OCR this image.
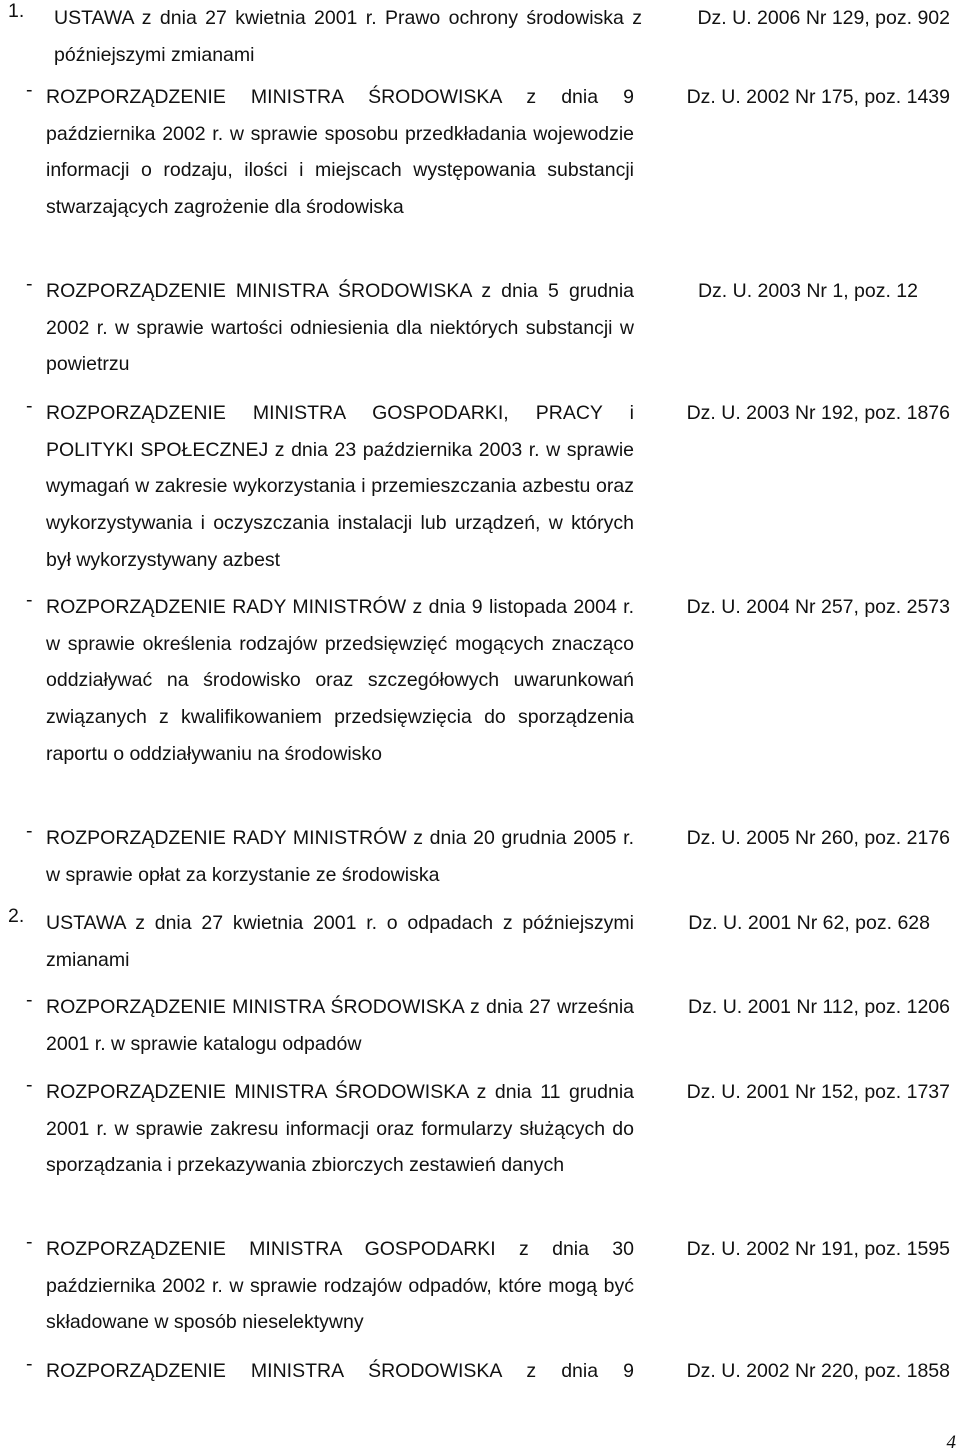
1. USTAWA z dnia 27 kwietnia 2001 r. Prawo ochrony środowiska z późniejszymi zmianami
Dz. U. 2006 Nr 129, poz. 902
- ROZPORZĄDZENIE MINISTRA ŚRODOWISKA z dnia 9 października 2002 r. w sprawie sposobu przedkładania wojewodzie informacji o rodzaju, ilości i miejscach występowania substancji stwarzających zagrożenie dla środowiska
Dz. U. 2002 Nr 175, poz. 1439
- ROZPORZĄDZENIE MINISTRA ŚRODOWISKA z dnia 5 grudnia 2002 r. w sprawie wartości odniesienia dla niektórych substancji w powietrzu
Dz. U. 2003 Nr 1, poz. 12
- ROZPORZĄDZENIE MINISTRA GOSPODARKI, PRACY i POLITYKI SPOŁECZNEJ z dnia 23 października 2003 r. w sprawie wymagań w zakresie wykorzystania i przemieszczania azbestu oraz wykorzystywania i oczyszczania instalacji lub urządzeń, w których był wykorzystywany azbest
Dz. U. 2003 Nr 192, poz. 1876
- ROZPORZĄDZENIE RADY MINISTRÓW z dnia 9 listopada 2004 r. w sprawie określenia rodzajów przedsięwzięć mogących znacząco oddziaływać na środowisko oraz szczegółowych uwarunkowań związanych z kwalifikowaniem przedsięwzięcia do sporządzenia raportu o oddziaływaniu na środowisko
Dz. U. 2004 Nr 257, poz. 2573
- ROZPORZĄDZENIE RADY MINISTRÓW z dnia 20 grudnia 2005 r. w sprawie opłat za korzystanie ze środowiska
Dz. U. 2005 Nr 260, poz. 2176
2. USTAWA z dnia 27 kwietnia 2001 r. o odpadach z późniejszymi zmianami
Dz. U. 2001 Nr 62, poz. 628
- ROZPORZĄDZENIE MINISTRA ŚRODOWISKA z dnia 27 września 2001 r. w sprawie katalogu odpadów
Dz. U. 2001 Nr 112, poz. 1206
- ROZPORZĄDZENIE MINISTRA ŚRODOWISKA z dnia 11 grudnia 2001 r. w sprawie zakresu informacji oraz formularzy służących do sporządzania i przekazywania zbiorczych zestawień danych
Dz. U. 2001 Nr 152, poz. 1737
- ROZPORZĄDZENIE MINISTRA GOSPODARKI z dnia 30 października 2002 r. w sprawie rodzajów odpadów, które mogą być składowane w sposób nieselektywny
Dz. U. 2002 Nr 191, poz. 1595
- ROZPORZĄDZENIE MINISTRA ŚRODOWISKA z dnia 9	Dz. U. 2002 Nr 220, poz. 1858
4
